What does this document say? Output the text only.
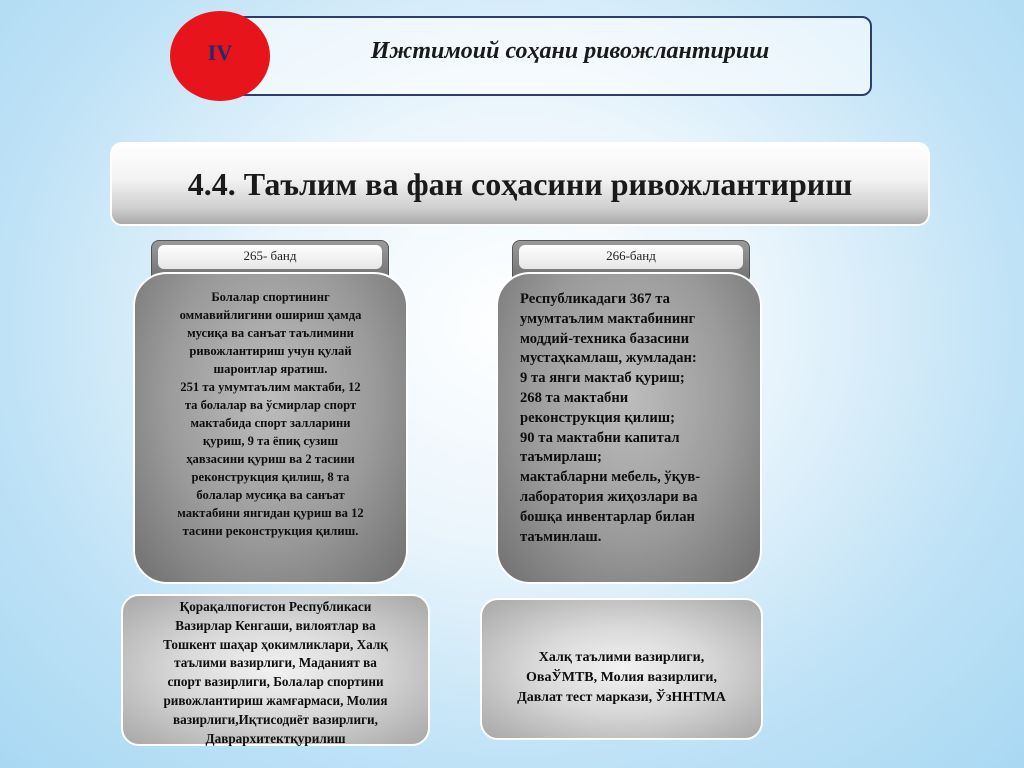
Ижтимоий соҳани ривожлантириш
IV
4.4. Таълим ва фан соҳасини ривожлантириш
265- банд
Болалар спортининг
оммавийлигини ошириш ҳамда
мусиқа ва санъат таълимини
ривожлантириш учун қулай
шароитлар яратиш.
251 та умумтаълим мактаби, 12
та болалар ва ўсмирлар спорт
мактабида спорт залларини
қуриш, 9 та ёпиқ сузиш
ҳавзасини қуриш ва 2 тасини
реконструкция қилиш, 8 та
болалар мусиқа ва санъат
мактабини янгидан қуриш ва 12
тасини реконструкция қилиш.
Қорақалпоғистон Республикаси
Вазирлар Кенгаши, вилоятлар ва
Тошкент шаҳар ҳокимликлари, Халқ
таълими вазирлиги, Маданият ва
спорт вазирлиги, Болалар спортини
ривожлантириш жамғармаси, Молия
вазирлиги,Иқтисодиёт вазирлиги,
Даврархитектқурилиш
266-банд
Республикадаги 367 та
умумтаълим мактабининг
моддий-техника базасини
мустаҳкамлаш, жумладан:
9 та янги мактаб қуриш;
268 та мактабни
реконструкция қилиш;
90 та мактабни капитал
таъмирлаш;
мактабларни мебель, ўқув-
лаборатория жиҳозлари ва
бошқа инвентарлар билан
таъминлаш.
Халқ таълими вазирлиги,
ОваЎМТВ, Молия вазирлиги,
Давлат тест маркази, ЎзННТМА
